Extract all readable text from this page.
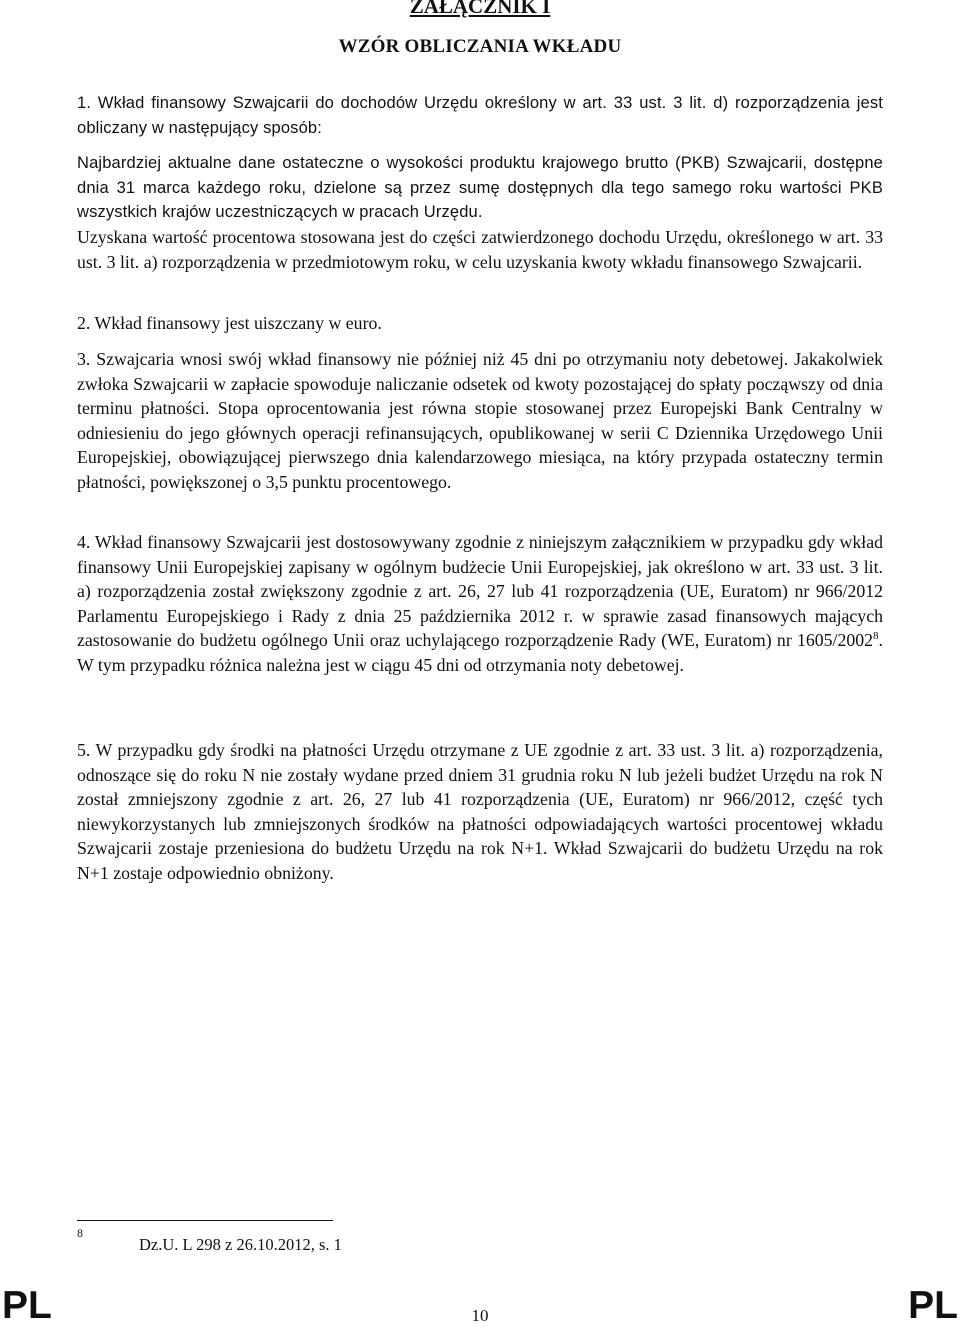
ZAŁĄCZNIK I
WZÓR OBLICZANIA WKŁADU

1. Wkład finansowy Szwajcarii do dochodów Urzędu określony w art. 33 ust. 3 lit. d) rozporządzenia jest obliczany w następujący sposób:

Najbardziej aktualne dane ostateczne o wysokości produktu krajowego brutto (PKB) Szwajcarii, dostępne dnia 31 marca każdego roku, dzielone są przez sumę dostępnych dla tego samego roku wartości PKB wszystkich krajów uczestniczących w pracach Urzędu.

Uzyskana wartość procentowa stosowana jest do części zatwierdzonego dochodu Urzędu, określonego w art. 33 ust. 3 lit. a) rozporządzenia w przedmiotowym roku, w celu uzyskania kwoty wkładu finansowego Szwajcarii.

2. Wkład finansowy jest uiszczany w euro.

3. Szwajcaria wnosi swój wkład finansowy nie później niż 45 dni po otrzymaniu noty debetowej. Jakakolwiek zwłoka Szwajcarii w zapłacie spowoduje naliczanie odsetek od kwoty pozostającej do spłaty począwszy od dnia terminu płatności. Stopa oprocentowania jest równa stopie stosowanej przez Europejski Bank Centralny w odniesieniu do jego głównych operacji refinansujących, opublikowanej w serii C Dziennika Urzędowego Unii Europejskiej, obowiązującej pierwszego dnia kalendarzowego miesiąca, na który przypada ostateczny termin płatności, powiększonej o 3,5 punktu procentowego.

4. Wkład finansowy Szwajcarii jest dostosowywany zgodnie z niniejszym załącznikiem w przypadku gdy wkład finansowy Unii Europejskiej zapisany w ogólnym budżecie Unii Europejskiej, jak określono w art. 33 ust. 3 lit. a) rozporządzenia został zwiększony zgodnie z art. 26, 27 lub 41 rozporządzenia (UE, Euratom) nr 966/2012 Parlamentu Europejskiego i Rady z dnia 25 października 2012 r. w sprawie zasad finansowych mających zastosowanie do budżetu ogólnego Unii oraz uchylającego rozporządzenie Rady (WE, Euratom) nr 1605/2002$^8$. W tym przypadku różnica należna jest w ciągu 45 dni od otrzymania noty debetowej.

5. W przypadku gdy środki na płatności Urzędu otrzymane z UE zgodnie z art. 33 ust. 3 lit. a) rozporządzenia, odnoszące się do roku N nie zostały wydane przed dniem 31 grudnia roku N lub jeżeli budżet Urzędu na rok N został zmniejszony zgodnie z art. 26, 27 lub 41 rozporządzenia (UE, Euratom) nr 966/2012, część tych niewykorzystanych lub zmniejszonych środków na płatności odpowiadających wartości procentowej wkładu Szwajcarii zostaje przeniesiona do budżetu Urzędu na rok N+1. Wkład Szwajcarii do budżetu Urzędu na rok N+1 zostaje odpowiednio obniżony.

8
Dz.U. L 298 z 26.10.2012, s. 1
PL	10	PL
